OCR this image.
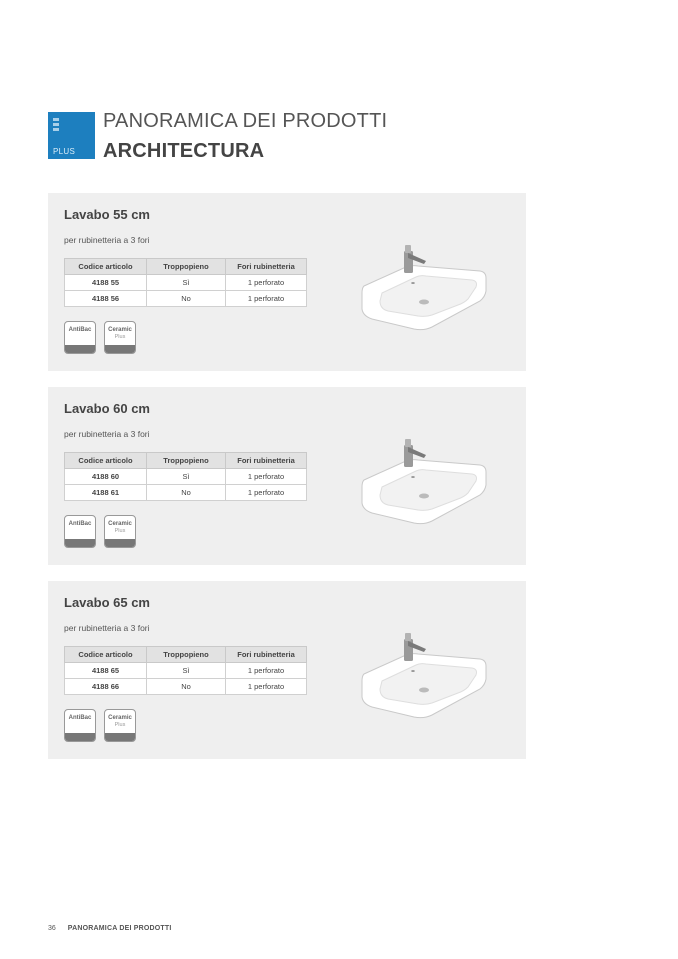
PLUS
PANORAMICA DEI PRODOTTI
ARCHITECTURA
Lavabo 55 cm
per rubinetteria a 3 fori
Codice articolo	Troppopieno	Fori rubinetteria
4188 55	Sì	1 perforato
4188 56	No	1 perforato
AntiBac	Ceramic
Plus
Lavabo 60 cm
per rubinetteria a 3 fori
Codice articolo	Troppopieno	Fori rubinetteria
4188 60	Sì	1 perforato
4188 61	No	1 perforato
AntiBac	Ceramic
Plus
Lavabo 65 cm
per rubinetteria a 3 fori
Codice articolo	Troppopieno	Fori rubinetteria
4188 65	Sì	1 perforato
4188 66	No	1 perforato
AntiBac	Ceramic
Plus
36 PANORAMICA DEI PRODOTTI
